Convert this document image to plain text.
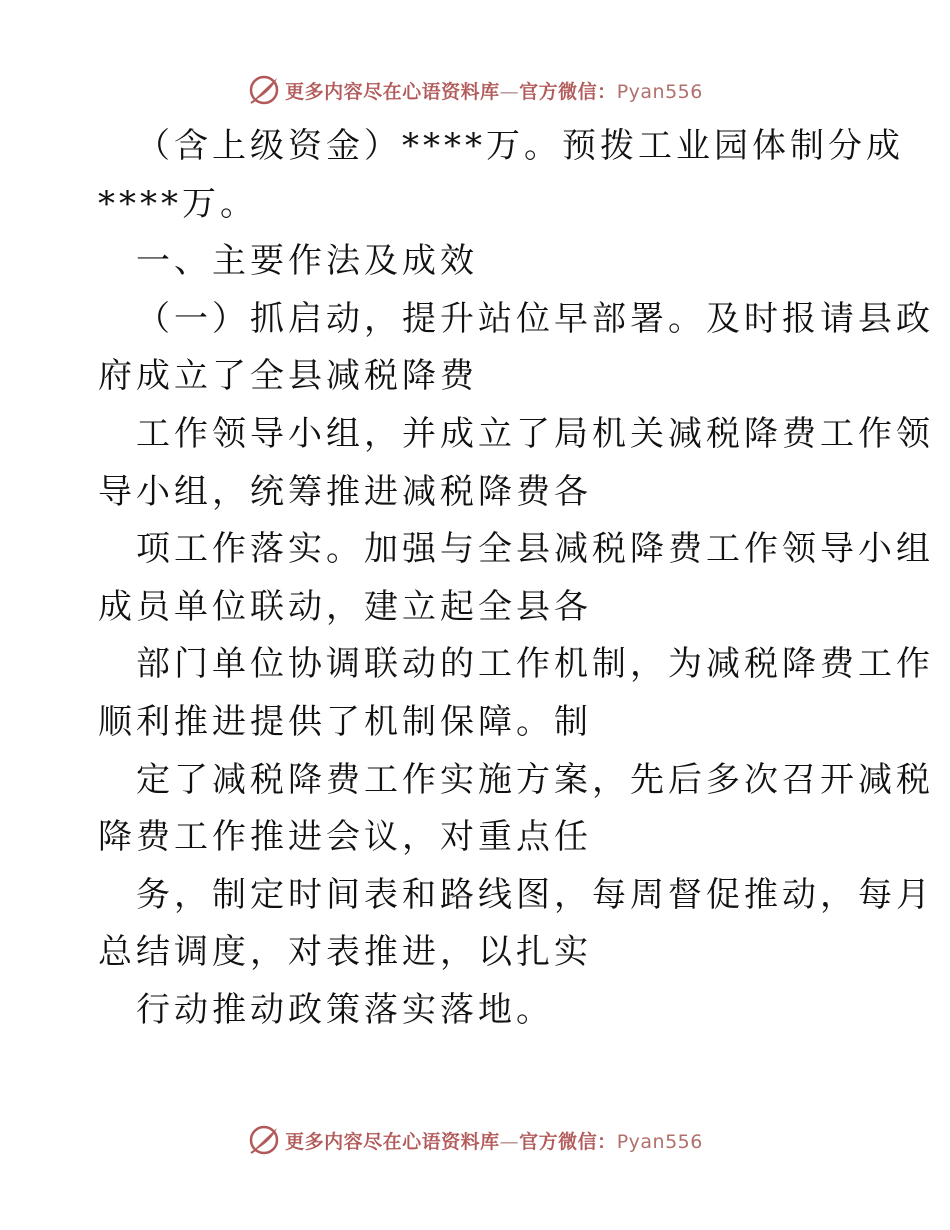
更多内容尽在心语资料库—官方微信：Pyan556
（含上级资金）****万。预拨工业园体制分成
****万。
一、主要作法及成效
（一）抓启动，提升站位早部署。及时报请县政
府成立了全县减税降费
工作领导小组，并成立了局机关减税降费工作领
导小组，统筹推进减税降费各
项工作落实。加强与全县减税降费工作领导小组
成员单位联动，建立起全县各
部门单位协调联动的工作机制，为减税降费工作
顺利推进提供了机制保障。制
定了减税降费工作实施方案，先后多次召开减税
降费工作推进会议，对重点任
务，制定时间表和路线图，每周督促推动，每月
总结调度，对表推进，以扎实
行动推动政策落实落地。
更多内容尽在心语资料库—官方微信：Pyan556
